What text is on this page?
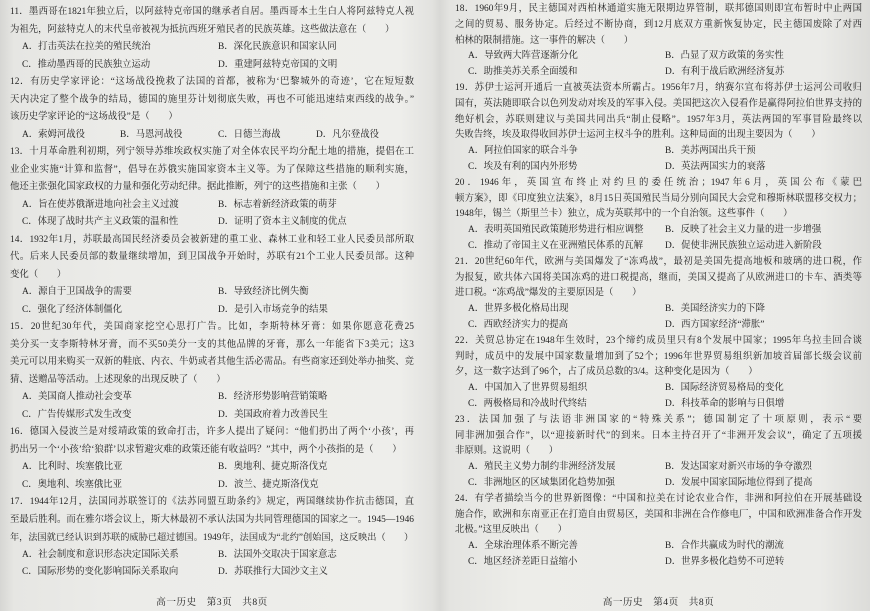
11．墨西哥在1821年独立后，以阿兹特克帝国的继承者自居。墨西哥本土生白人将阿兹特克人视
为祖先，阿兹特克人的末代皇帝被视为抵抗西班牙殖民者的民族英雄。这些做法意在（　　）
A．打击英法在拉美的殖民统治	B．深化民族意识和国家认同
C．推动墨西哥的民族独立运动	D．重建阿兹特克帝国的文明
12．有历史学家评论：“这场战役挽救了法国的首都，被称为‘巴黎城外的奇迹’，它在短短数
天内决定了整个战争的结局，德国的施里芬计划彻底失败，再也不可能迅速结束西线的战争。”
该历史学家评论的“这场战役”是（　　）
A．索姆河战役	B．马恩河战役	C．日德兰海战	D．凡尔登战役
13．十月革命胜利初期，列宁领导苏维埃政权实施了对全体农民平均分配土地的措施，提倡在工
业企业实施“计算和监督”，倡导在苏俄实施国家资本主义等。为了保障这些措施的顺利实施，
他还主张强化国家政权的力量和强化劳动纪律。据此推断，列宁的这些措施和主张（　　）
A．旨在使苏俄渐进地向社会主义过渡	B．标志着新经济政策的萌芽
C．体现了战时共产主义政策的温和性	D．证明了资本主义制度的优点
14．1932年1月，苏联最高国民经济委员会被新建的重工业、森林工业和轻工业人民委员部所取
代。后来人民委员部的数量继续增加，到卫国战争开始时，苏联有21个工业人民委员部。这种
变化（　　）
A．源自于卫国战争的需要	B．导致经济比例失衡
C．强化了经济体制僵化	D．是引入市场竞争的结果
15．20世纪30年代，美国商家挖空心思打广告。比如，李斯特林牙膏：如果你愿意花费25
美分买一支李斯特林牙膏，而不买50美分一支的其他品牌的牙膏，那么一年能省下3美元；这3
美元可以用来购买一双新的鞋底、内衣、牛奶或者其他生活必需品。有些商家还到处举办抽奖、竞
猜、送赠品等活动。上述现象的出现反映了（　　）
A．美国商人推动社会变革	B．经济形势影响营销策略
C．广告传媒形式发生改变	D．美国政府着力改善民生
16．德国入侵波兰是对绥靖政策的致命打击，许多人提出了疑问：“他们扔出了两个‘小孩’，再
扔出另一个‘小孩’给‘狼群’以求暂避灾难的政策还能有收益吗？”其中，两个小孩指的是（　　）
A．比利时、埃塞俄比亚	B．奥地利、捷克斯洛伐克
C．奥地利、埃塞俄比亚	D．波兰、捷克斯洛伐克
17．1944年12月，法国同苏联签订的《法苏同盟互助条约》规定，两国继续协作抗击德国，直
至最后胜利。而在雅尔塔会议上，斯大林最初不承认法国为共同管理德国的国家之一。1945—1946
年，法国就已经认识到苏联的威胁已超过德国。1949年，法国成为“北约”创始国，这反映出（　　）
A．社会制度和意识形态决定国际关系	B．法国外交取决于国家意志
C．国际形势的变化影响国际关系取向	D．苏联推行大国沙文主义
高一历史　第3页　共8页
18．1960年9月，民主德国对西柏林通道实施无限期边界管制，联邦德国则即宣布暂时中止两国
之间的贸易、服务协定。后经过不断协商，到12月底双方重新恢复协定，民主德国废除了对西
柏林的限制措施。这一事件的解决（　　）
A．导致两大阵营逐渐分化	B．凸显了双方政策的务实性
C．助推美苏关系全面缓和	D．有利于战后欧洲经济复苏
19．苏伊士运河开通后一直被英法资本所霸占。1956年7月，纳赛尔宣布将苏伊士运河公司收归
国有，英法随即联合以色列发动对埃及的军事入侵。美国把这次入侵看作是赢得阿拉伯世界支持的
绝好机会，苏联则建议与美国共同出兵“制止侵略”。1957年3月，英法两国的军事冒险最终以
失败告终，埃及取得收回苏伊士运河主权斗争的胜利。这种局面的出现主要因为（　　）
A．阿拉伯国家的联合斗争	B．美苏两国出兵干预
C．埃及有利的国内外形势	D．英法两国实力的衰落
20．1946年，英国宣布终止对约旦的委任统治；1947年6月，英国公布《蒙巴
顿方案》，即《印度独立法案》，8月15日英国殖民当局分别向国民大会党和穆斯林联盟移交权力；
1948年，锡兰（斯里兰卡）独立，成为英联邦中的一个自治领。这些事件（　　）
A．表明英国殖民政策随形势进行相应调整	B．反映了社会主义力量的进一步增强
C．推动了帝国主义在亚洲殖民体系的瓦解	D．促使非洲民族独立运动进入新阶段
21．20世纪60年代，欧洲与美国爆发了“冻鸡战”，最初是美国先提高地板和玻璃的进口税，作
为报复，欧共体六国将美国冻鸡的进口税提高，继而，美国又提高了从欧洲进口的卡车、酒类等
进口税。“冻鸡战”爆发的主要原因是（　　）
A．世界多极化格局出现	B．美国经济实力的下降
C．西欧经济实力的提高	D．西方国家经济“滞胀”
22．关贸总协定在1948年生效时，23个缔约成员里只有8个发展中国家；1995年乌拉圭回合谈
判时，成员中的发展中国家数量增加到了52个；1996年世界贸易组织新加坡首届部长级会议前
夕，这一数字达到了96个，占了成员总数的3/4。这种变化是因为（　　）
A．中国加入了世界贸易组织	B．国际经济贸易格局的变化
C．两极格局和冷战时代终结	D．科技革命的影响与日俱增
23．法国加强了与法语非洲国家的“特殊关系”；德国制定了十项原则，表示“要
同非洲加强合作”，以“迎接新时代”的到来。日本主持召开了“非洲开发会议”，确定了五项援
非原则。这说明（　　）
A．殖民主义势力制约非洲经济发展	B．发达国家对新兴市场的争夺激烈
C．非洲地区的区域集团化趋势加强	D．发展中国家国际地位得到了提高
24．有学者描绘当今的世界新图像：“中国和拉美在讨论农业合作，非洲和阿拉伯在开展基础设
施合作，欧洲和东南亚正在打造自由贸易区，美国和非洲在合作修电厂，中国和欧洲准备合作开发
北极。”这里反映出（　　）
A．全球治理体系不断完善	B．合作共赢成为时代的潮流
C．地区经济差距日益缩小	D．世界多极化趋势不可逆转
高一历史　第4页　共8页
